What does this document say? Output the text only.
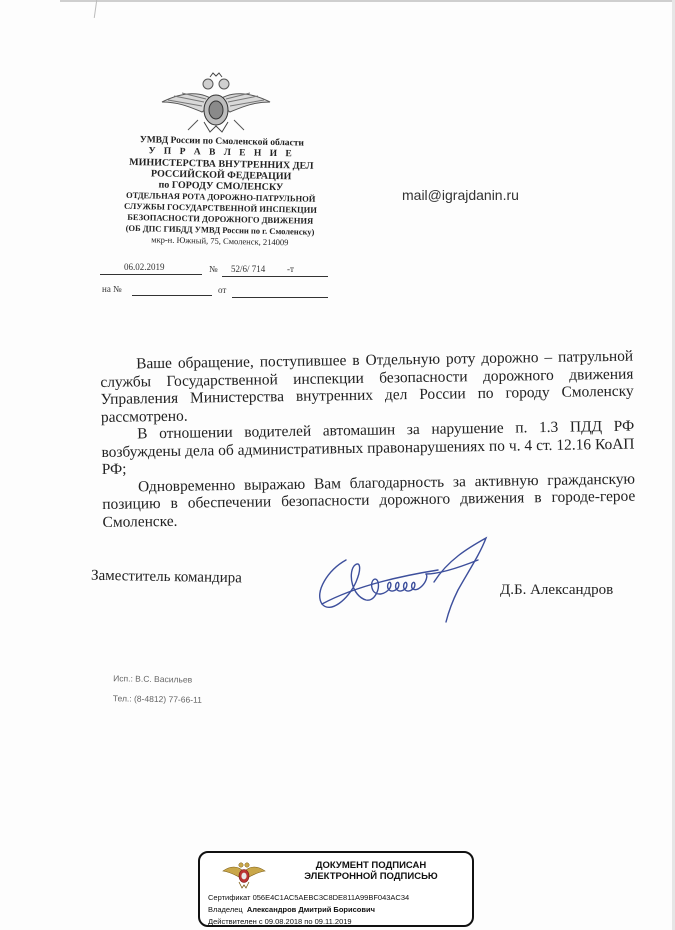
УМВД России по Смоленской области
У П Р А В Л Е Н И Е
МИНИСТЕРСТВА ВНУТРЕННИХ ДЕЛ
РОССИЙСКОЙ ФЕДЕРАЦИИ
по ГОРОДУ СМОЛЕНСКУ
ОТДЕЛЬНАЯ РОТА ДОРОЖНО-ПАТРУЛЬНОЙ
СЛУЖБЫ ГОСУДАРСТВЕННОЙ ИНСПЕКЦИИ
БЕЗОПАСНОСТИ ДОРОЖНОГО ДВИЖЕНИЯ
(ОБ ДПС ГИБДД УМВД России по г. Смоленску)
мкр-н. Южный, 75, Смоленск, 214009
06.02.2019	№ 52/6/ 714 -т
на №	от
mail@igrajdanin.ru

Ваше обращение, поступившее в Отдельную роту дорожно – патрульной службы Государственной инспекции безопасности дорожного движения Управления Министерства внутренних дел России по городу Смоленску рассмотрено.

В отношении водителей автомашин за нарушение п. 1.3 ПДД РФ возбуждены дела об административных правонарушениях по ч. 4 ст. 12.16 КоАП РФ;

Одновременно выражаю Вам благодарность за активную гражданскую позицию в обеспечении безопасности дорожного движения в городе-герое Смоленске.

Заместитель командира
Д.Б. Александров
Исп.: В.С. Васильев
Тел.: (8-4812) 77-66-11
ДОКУМЕНТ ПОДПИСАН
ЭЛЕКТРОННОЙ ПОДПИСЬЮ
Сертификат 056E4C1AC5AEBC3C8DE811A99BF043AC34
Владелец Александров Дмитрий Борисович
Действителен с 09.08.2018 по 09.11.2019
